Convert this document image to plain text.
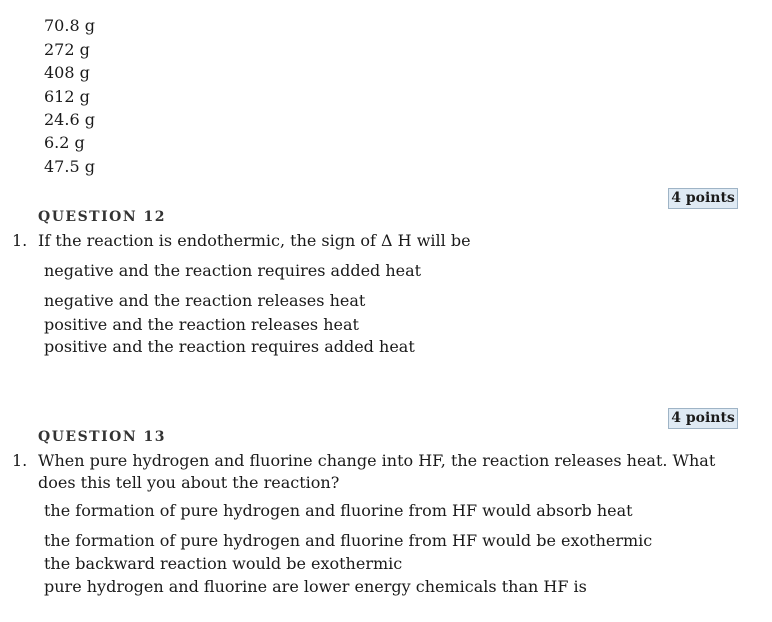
70.8 g
272 g
408 g
612 g
24.6 g
6.2 g
47.5 g
4 points
QUESTION 12
1. If the reaction is endothermic, the sign of Δ H will be
negative and the reaction requires added heat
negative and the reaction releases heat
positive and the reaction releases heat
positive and the reaction requires added heat
4 points
QUESTION 13
1. When pure hydrogen and fluorine change into HF, the reaction releases heat. What does this tell you about the reaction?
the formation of pure hydrogen and fluorine from HF would absorb heat
the formation of pure hydrogen and fluorine from HF would be exothermic
the backward reaction would be exothermic
pure hydrogen and fluorine are lower energy chemicals than HF is
